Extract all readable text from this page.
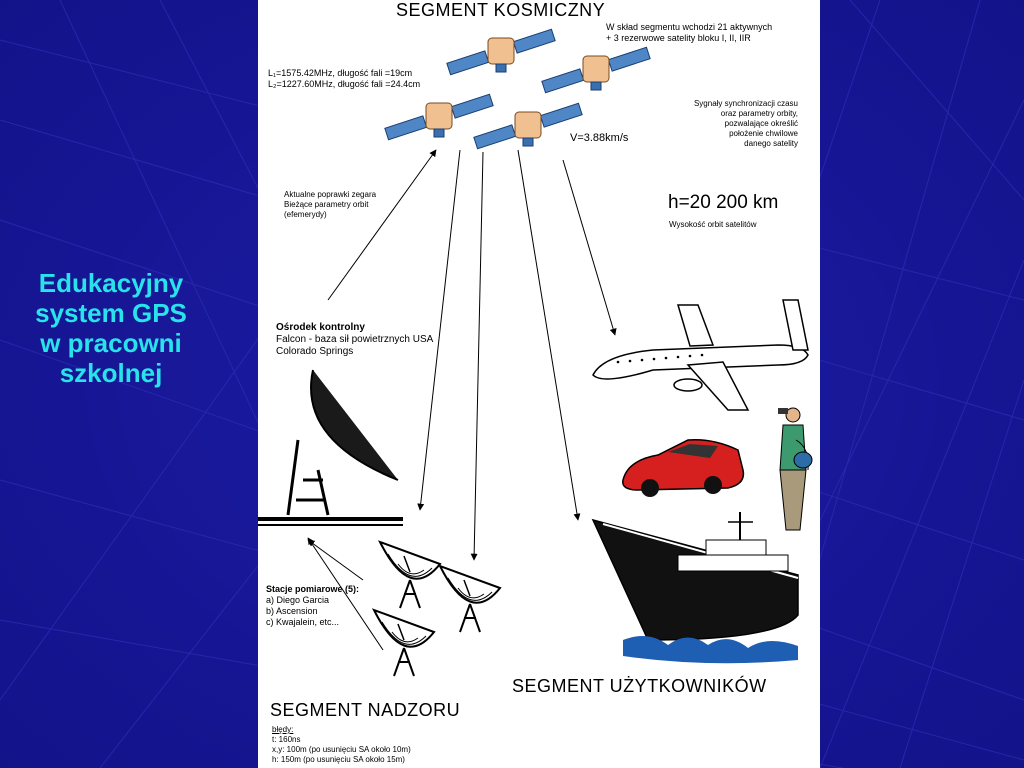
Edukacyjny
system GPS
w pracowni
szkolnej
SEGMENT KOSMICZNY
W skład segmentu wchodzi 21 aktywnych
+ 3 rezerwowe satelity bloku I, II, IIR
L₁=1575.42MHz, długość fali =19cm
L₂=1227.60MHz, długość fali =24.4cm
Sygnały synchronizacji czasu
oraz parametry orbity,
pozwalające określić
położenie chwilowe
danego satelity
V=3.88km/s
h=20 200 km
Wysokość orbit satelitów
Aktualne poprawki zegara
Bieżące parametry orbit
(efemerydy)
Ośrodek kontrolny
Falcon - baza sił powietrznych USA
Colorado Springs
Stacje pomiarowe (5):
a) Diego Garcia
b) Ascension
c) Kwajalein, etc...
SEGMENT UŻYTKOWNIKÓW
SEGMENT NADZORU
błędy:
t: 160ns
x,y: 100m (po usunięciu SA około 10m)
h: 150m (po usunięciu SA około 15m)
